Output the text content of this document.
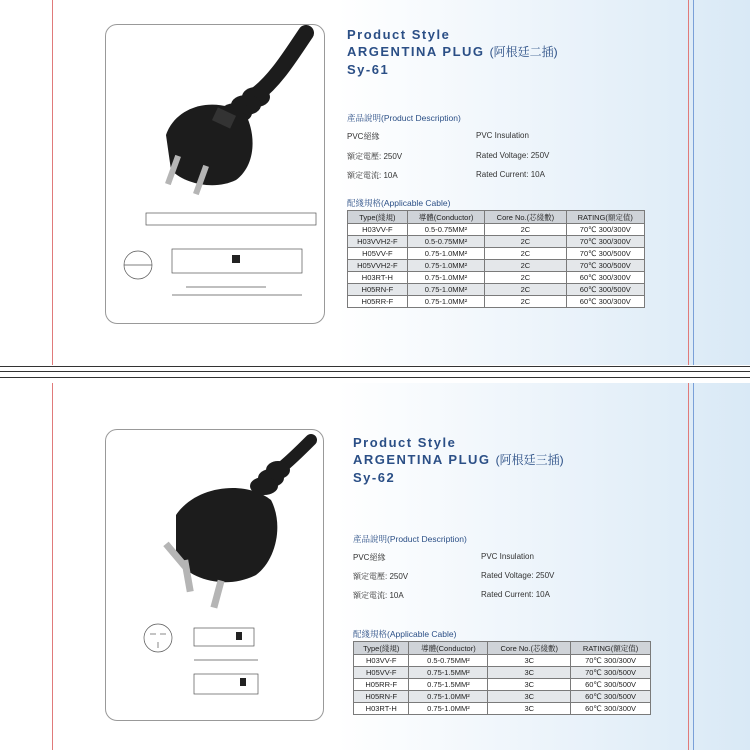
Product Style
ARGENTINA PLUG (阿根廷二插)
Sy-61
產品說明(Product Description)
PVC絕緣	PVC Insulation
額定電壓: 250V	Rated Voltage: 250V
額定電流: 10A	Rated Current: 10A
配綫規格(Applicable Cable)
Type(綫規)	導體(Conductor)	Core No.(芯綫數)	RATING(額定值)
H03VV-F	0.5-0.75MM²	2C	70℃ 300/300V
H03VVH2-F	0.5-0.75MM²	2C	70℃ 300/300V
H05VV-F	0.75-1.0MM²	2C	70℃ 300/500V
H05VVH2-F	0.75-1.0MM²	2C	70℃ 300/500V
H03RT-H	0.75-1.0MM²	2C	60℃ 300/300V
H05RN-F	0.75-1.0MM²	2C	60℃ 300/500V
H05RR-F	0.75-1.0MM²	2C	60℃ 300/300V
Product Style
ARGENTINA PLUG (阿根廷三插)
Sy-62
產品說明(Product Description)
PVC絕緣	PVC Insulation
額定電壓: 250V	Rated Voltage: 250V
額定電流: 10A	Rated Current: 10A
配綫規格(Applicable Cable)
Type(綫規)	導體(Conductor)	Core No.(芯綫數)	RATING(額定值)
H03VV-F	0.5-0.75MM²	3C	70℃ 300/300V
H05VV-F	0.75-1.5MM²	3C	70℃ 300/500V
H05RR-F	0.75-1.5MM²	3C	60℃ 300/500V
H05RN-F	0.75-1.0MM²	3C	60℃ 300/500V
H03RT-H	0.75-1.0MM²	3C	60℃ 300/300V
